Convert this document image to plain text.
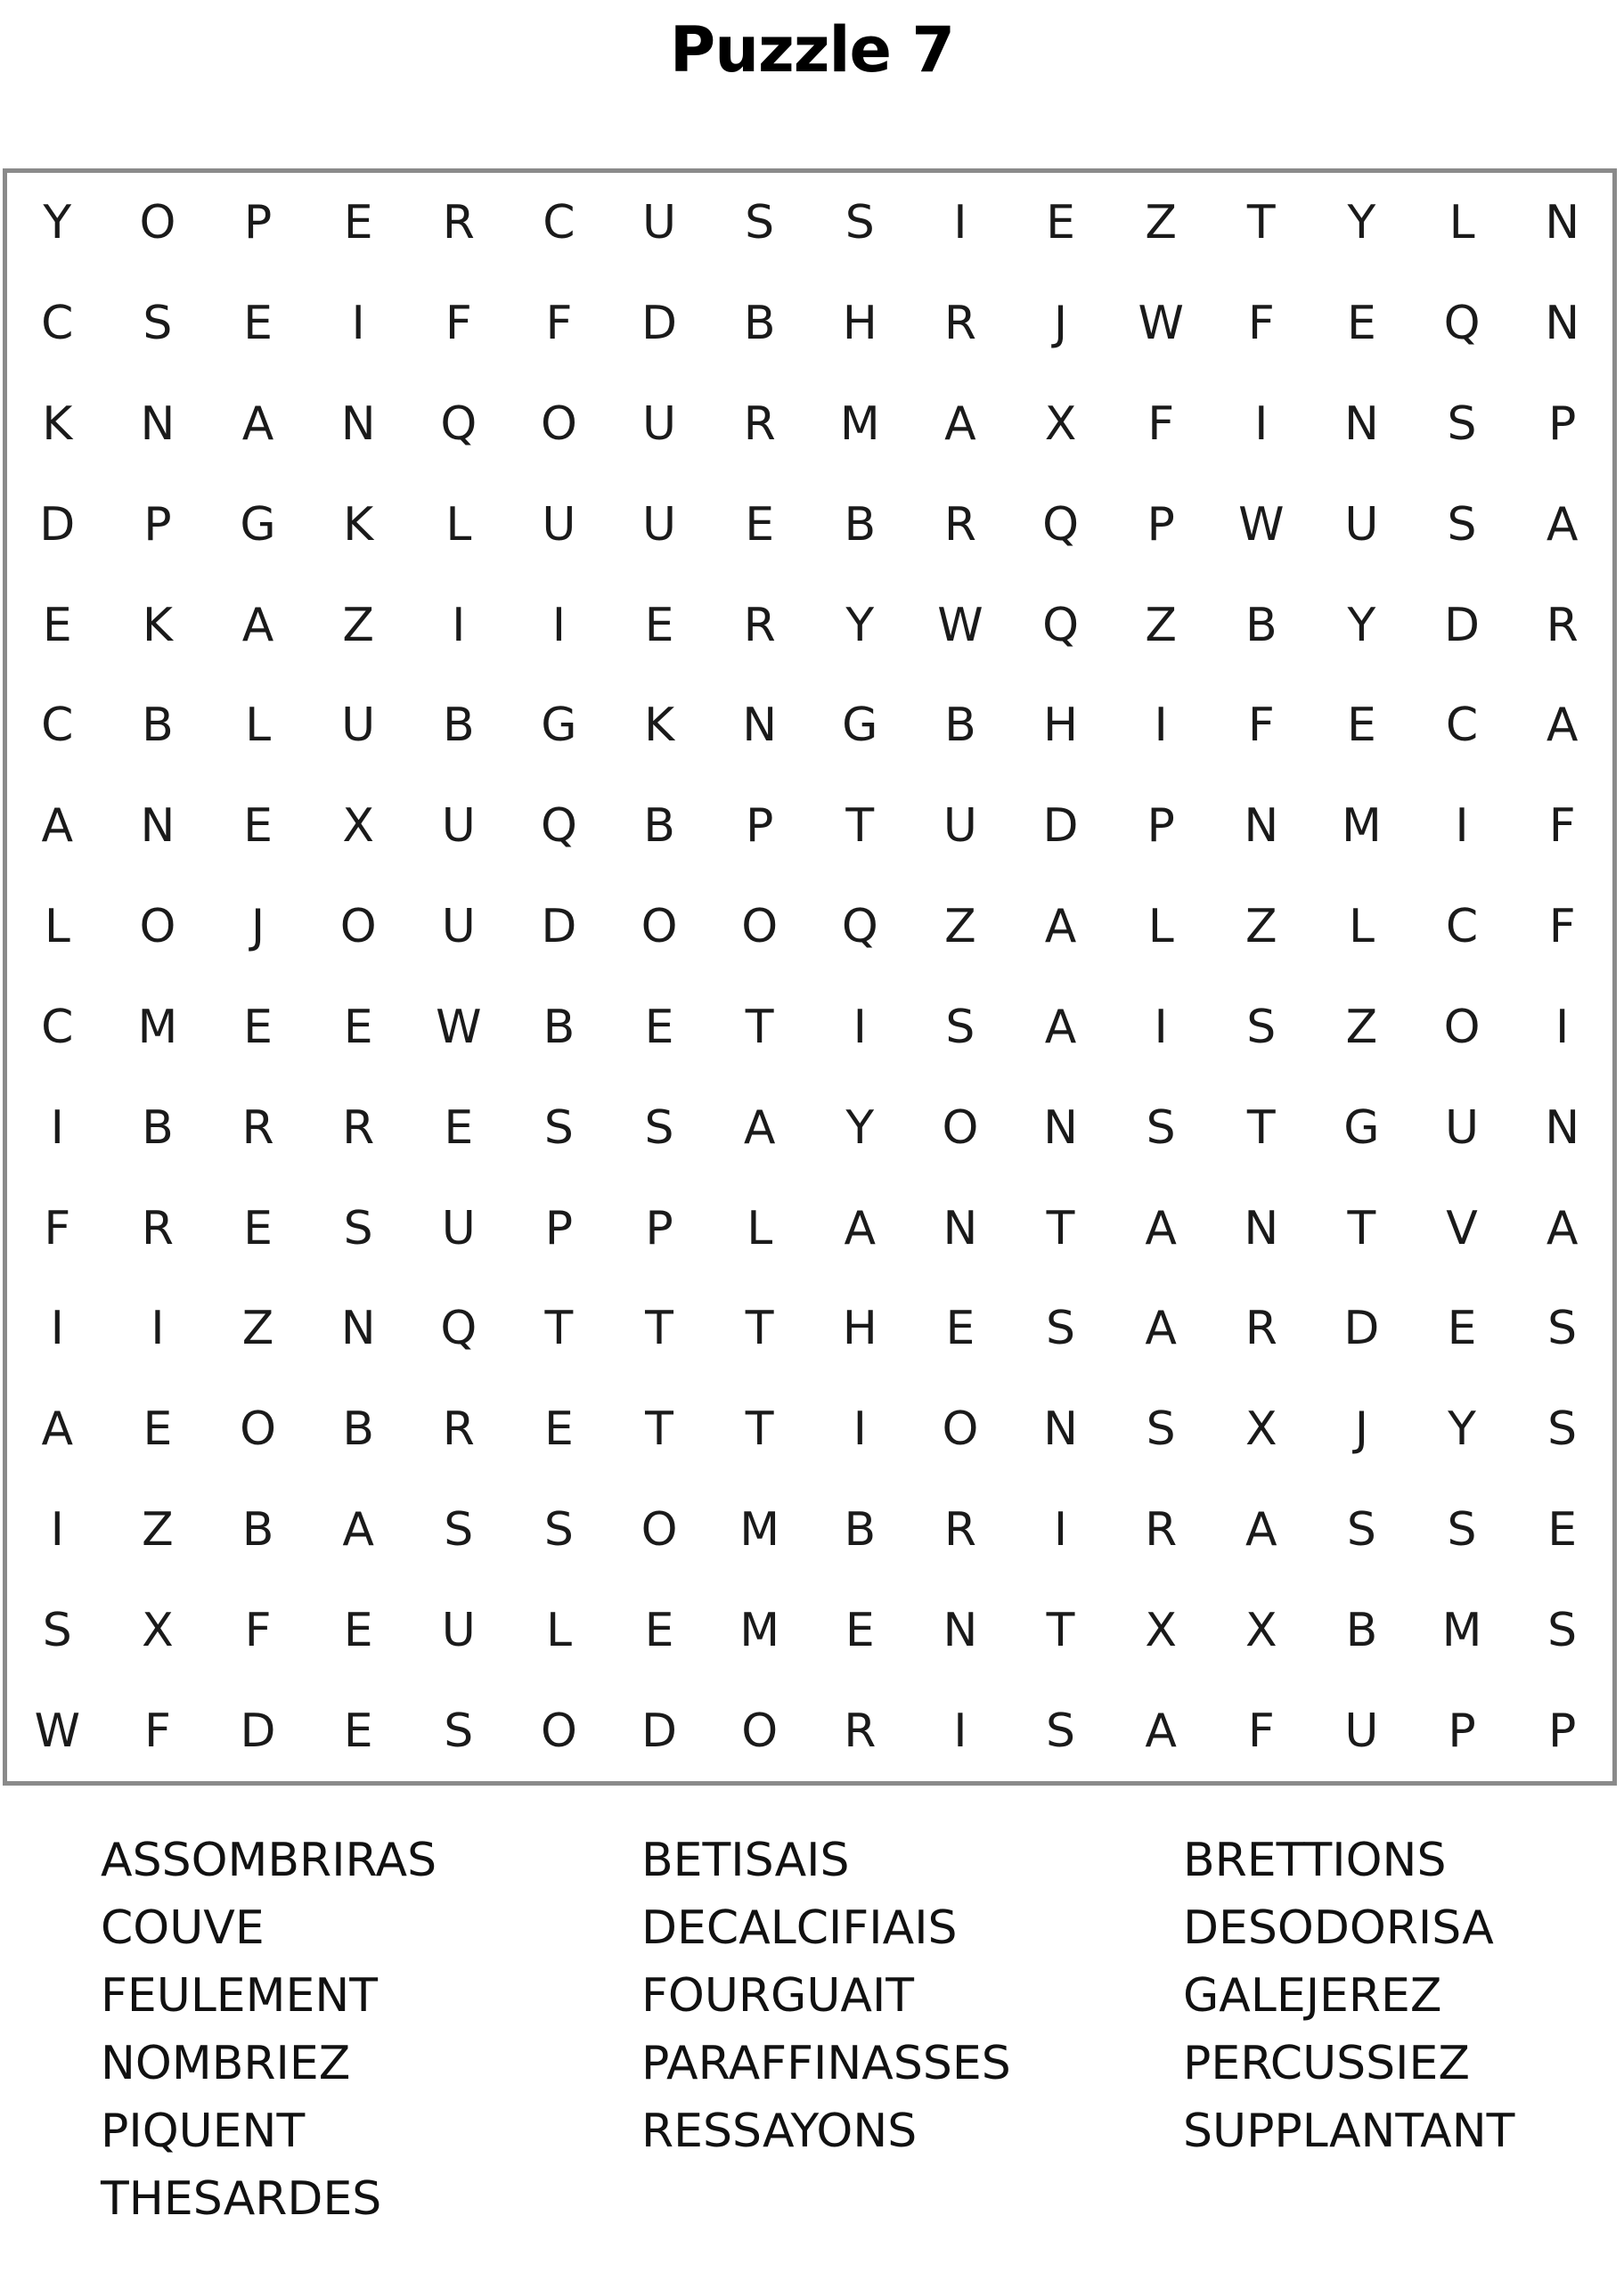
Puzzle 7
Y	O	P	E	R	C	U	S	S	I	E	Z	T	Y	L	N
C	S	E	I	F	F	D	B	H	R	J	W	F	E	Q	N
K	N	A	N	Q	O	U	R	M	A	X	F	I	N	S	P
D	P	G	K	L	U	U	E	B	R	Q	P	W	U	S	A
E	K	A	Z	I	I	E	R	Y	W	Q	Z	B	Y	D	R
C	B	L	U	B	G	K	N	G	B	H	I	F	E	C	A
A	N	E	X	U	Q	B	P	T	U	D	P	N	M	I	F
L	O	J	O	U	D	O	O	Q	Z	A	L	Z	L	C	F
C	M	E	E	W	B	E	T	I	S	A	I	S	Z	O	I
I	B	R	R	E	S	S	A	Y	O	N	S	T	G	U	N
F	R	E	S	U	P	P	L	A	N	T	A	N	T	V	A
I	I	Z	N	Q	T	T	T	H	E	S	A	R	D	E	S
A	E	O	B	R	E	T	T	I	O	N	S	X	J	Y	S
I	Z	B	A	S	S	O	M	B	R	I	R	A	S	S	E
S	X	F	E	U	L	E	M	E	N	T	X	X	B	M	S
W	F	D	E	S	O	D	O	R	I	S	A	F	U	P	P
ASSOMBRIRAS
COUVE
FEULEMENT
NOMBRIEZ
PIQUENT
THESARDES
BETISAIS
DECALCIFIAIS
FOURGUAIT
PARAFFINASSES
RESSAYONS
BRETTIONS
DESODORISA
GALEJEREZ
PERCUSSIEZ
SUPPLANTANT
